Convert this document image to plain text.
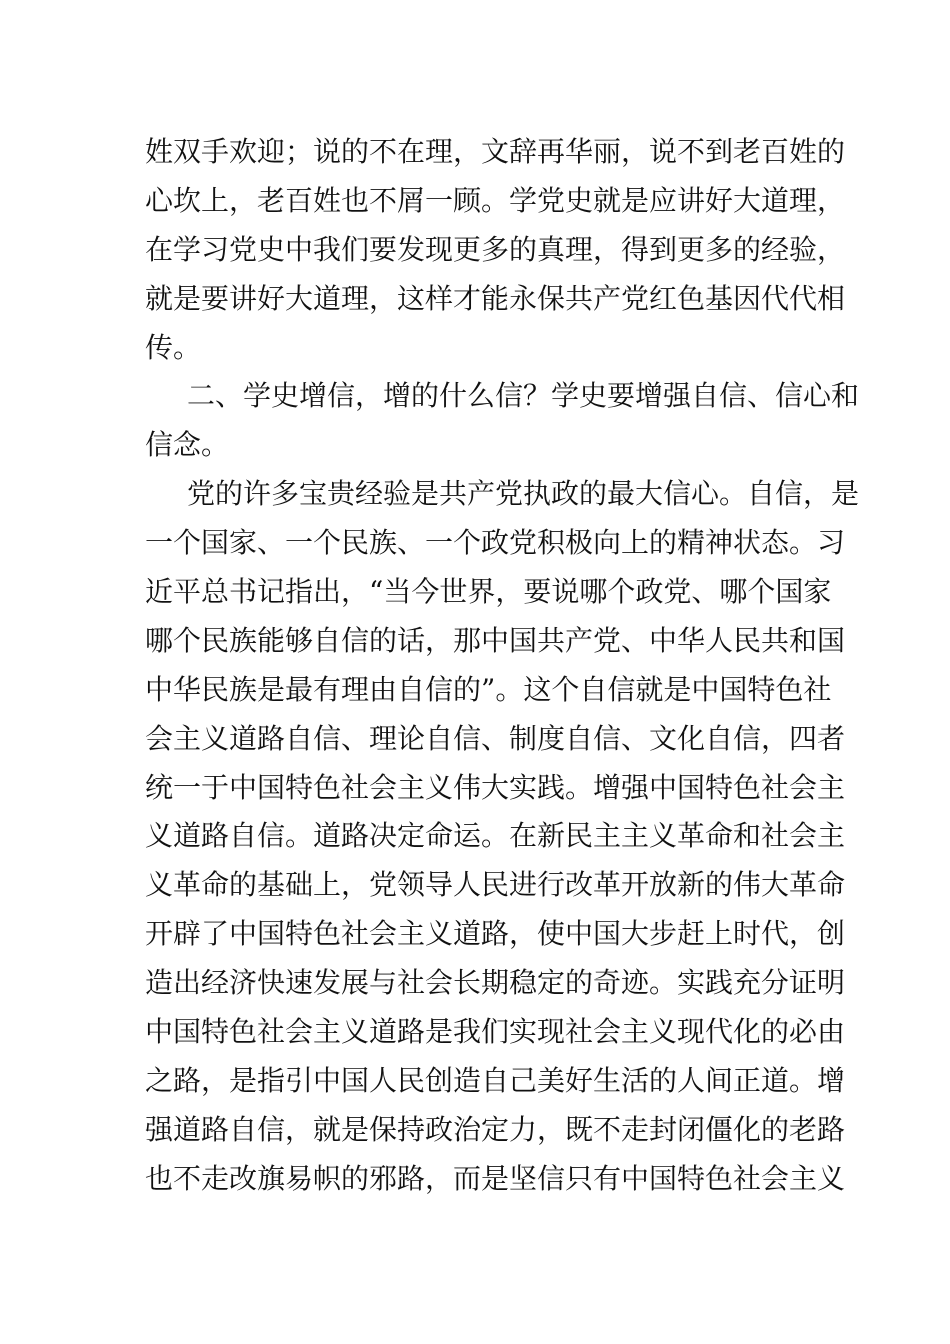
姓双手欢迎；说的不在理，文辞再华丽，说不到老百姓的
心坎上，老百姓也不屑一顾。学党史就是应讲好大道理，
在学习党史中我们要发现更多的真理，得到更多的经验，
就是要讲好大道理，这样才能永保共产党红色基因代代相
传。
二、学史增信，增的什么信？学史要增强自信、信心和
信念。
党的许多宝贵经验是共产党执政的最大信心。自信，是
一个国家、一个民族、一个政党积极向上的精神状态。习
近平总书记指出，“当今世界，要说哪个政党、哪个国家
哪个民族能够自信的话，那中国共产党、中华人民共和国
中华民族是最有理由自信的”。这个自信就是中国特色社
会主义道路自信、理论自信、制度自信、文化自信，四者
统一于中国特色社会主义伟大实践。增强中国特色社会主
义道路自信。道路决定命运。在新民主主义革命和社会主
义革命的基础上，党领导人民进行改革开放新的伟大革命
开辟了中国特色社会主义道路，使中国大步赶上时代，创
造出经济快速发展与社会长期稳定的奇迹。实践充分证明
中国特色社会主义道路是我们实现社会主义现代化的必由
之路，是指引中国人民创造自己美好生活的人间正道。增
强道路自信，就是保持政治定力，既不走封闭僵化的老路
也不走改旗易帜的邪路，而是坚信只有中国特色社会主义
